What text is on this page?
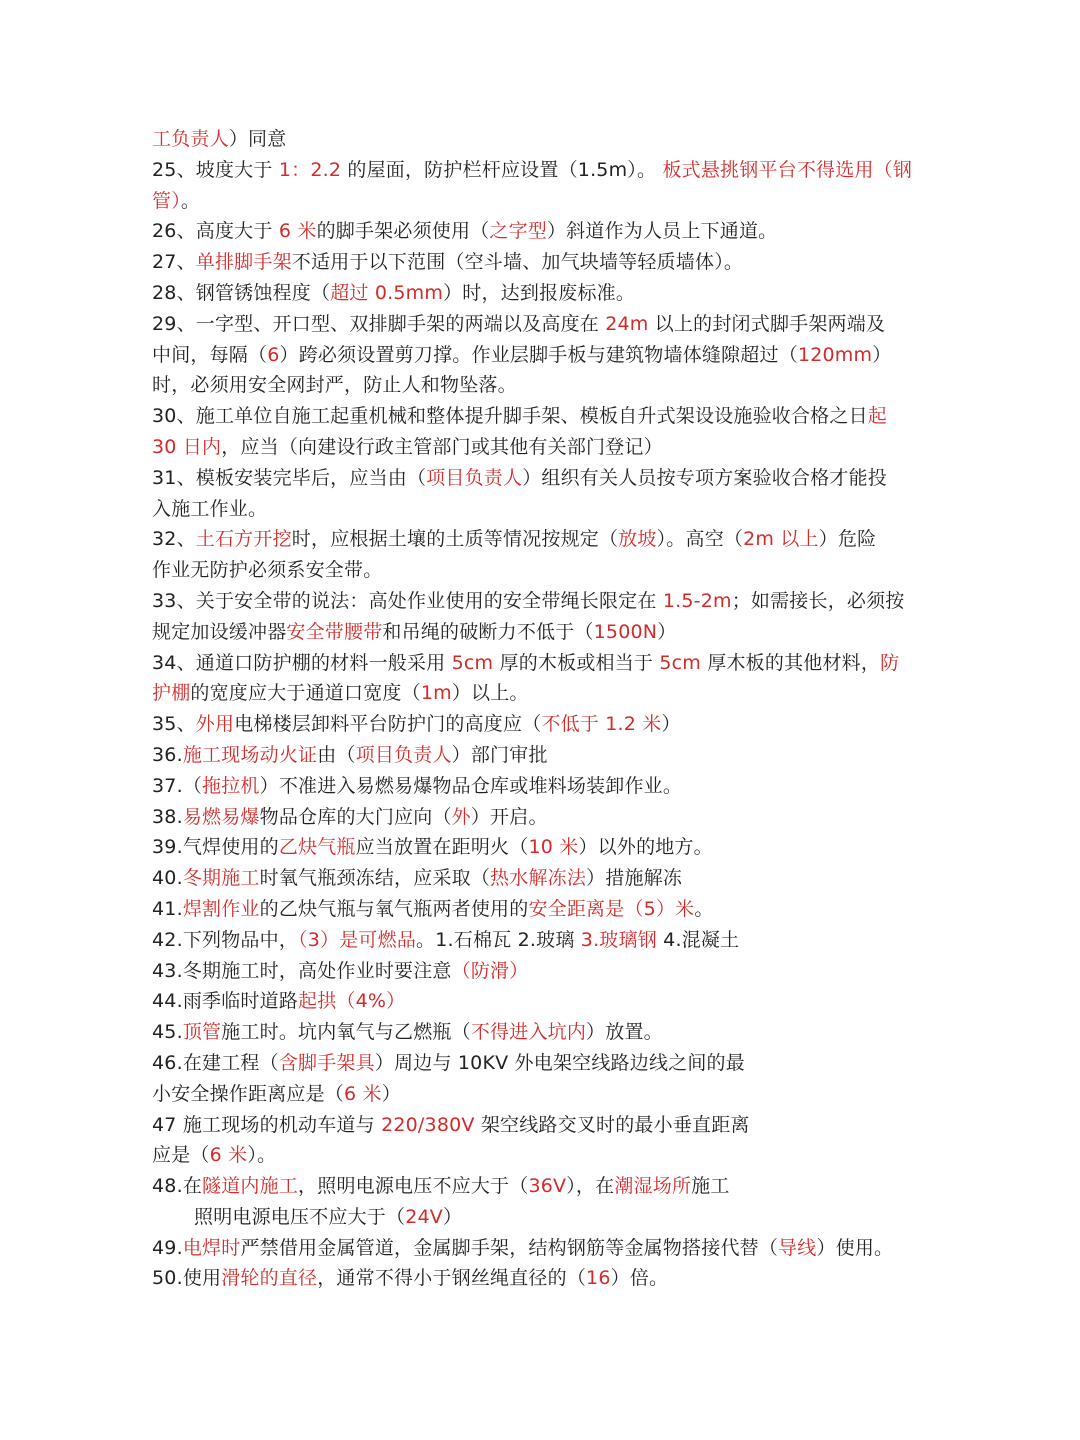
工负责人）同意
25、坡度大于 1：2.2 的屋面，防护栏杆应设置（1.5m）。 板式悬挑钢平台不得选用（钢
管）。
26、高度大于 6 米的脚手架必须使用（之字型）斜道作为人员上下通道。
27、单排脚手架不适用于以下范围（空斗墙、加气块墙等轻质墙体）。
28、钢管锈蚀程度（超过 0.5mm）时，达到报废标准。
29、一字型、开口型、双排脚手架的两端以及高度在 24m 以上的封闭式脚手架两端及
中间，每隔（6）跨必须设置剪刀撑。作业层脚手板与建筑物墙体缝隙超过（120mm）
时，必须用安全网封严，防止人和物坠落。
30、施工单位自施工起重机械和整体提升脚手架、模板自升式架设设施验收合格之日起
30 日内，应当（向建设行政主管部门或其他有关部门登记）
31、模板安装完毕后，应当由（项目负责人）组织有关人员按专项方案验收合格才能投
入施工作业。
32、土石方开挖时，应根据土壤的土质等情况按规定（放坡）。高空（2m 以上）危险
作业无防护必须系安全带。
33、关于安全带的说法：高处作业使用的安全带绳长限定在 1.5-2m；如需接长，必须按
规定加设缓冲器安全带腰带和吊绳的破断力不低于（1500N）
34、通道口防护棚的材料一般采用 5cm 厚的木板或相当于 5cm 厚木板的其他材料，防
护棚的宽度应大于通道口宽度（1m）以上。
35、外用电梯楼层卸料平台防护门的高度应（不低于 1.2 米）
36.施工现场动火证由（项目负责人）部门审批
37.（拖拉机）不准进入易燃易爆物品仓库或堆料场装卸作业。
38.易燃易爆物品仓库的大门应向（外）开启。
39.气焊使用的乙炔气瓶应当放置在距明火（10 米）以外的地方。
40.冬期施工时氧气瓶颈冻结，应采取（热水解冻法）措施解冻
41.焊割作业的乙炔气瓶与氧气瓶两者使用的安全距离是（5）米。
42.下列物品中，（3）是可燃品。1.石棉瓦 2.玻璃 3.玻璃钢 4.混凝土
43.冬期施工时，高处作业时要注意（防滑）
44.雨季临时道路起拱（4%）
45.顶管施工时。坑内氧气与乙燃瓶（不得进入坑内）放置。
46.在建工程（含脚手架具）周边与 10KV 外电架空线路边线之间的最
小安全操作距离应是（6 米）
47 施工现场的机动车道与 220/380V 架空线路交叉时的最小垂直距离
应是（6 米）。
48.在隧道内施工，照明电源电压不应大于（36V），在潮湿场所施工
照明电源电压不应大于（24V）
49.电焊时严禁借用金属管道，金属脚手架，结构钢筋等金属物搭接代替（导线）使用。
50.使用滑轮的直径，通常不得小于钢丝绳直径的（16）倍。
